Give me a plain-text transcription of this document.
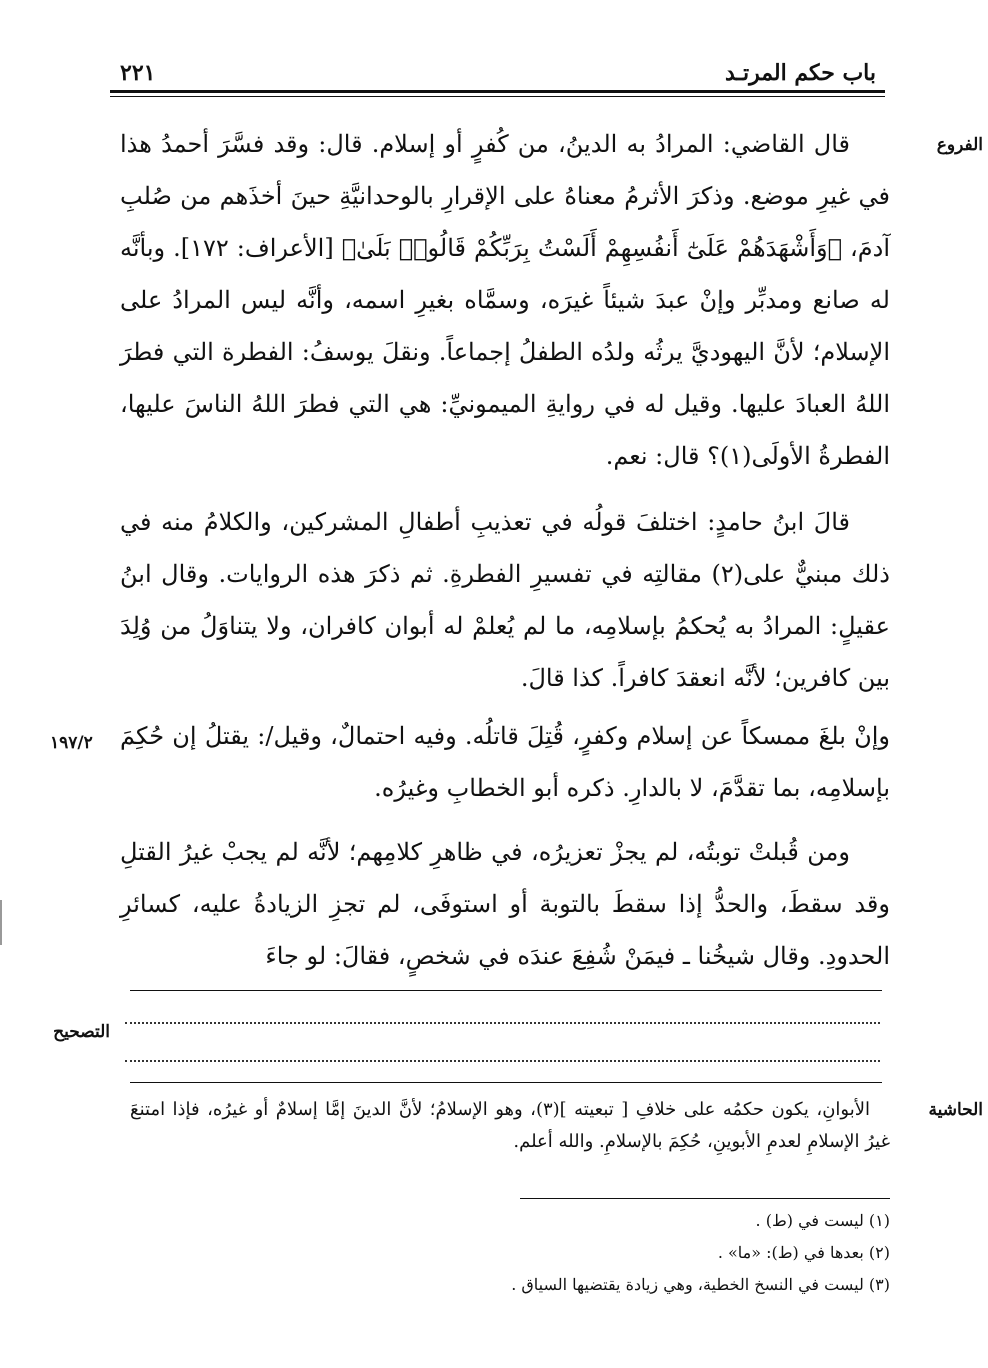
باب حكم المرتـد
٢٢١
الفروع
١٩٧/٢

قال القاضي: المرادُ به الدينُ، من كُفرٍ أو إسلام. قال: وقد فسَّرَ أحمدُ هذا في غيرِ موضع. وذكرَ الأثرمُ معناهُ على الإقرارِ بالوحدانيَّةِ حينَ أخذَهم من صُلبِ آدمَ، ﴿وَأَشْهَدَهُمْ عَلَىٰٓ أَنفُسِهِمْ أَلَسْتُ بِرَبِّكُمْ قَالُوا۟ بَلَىٰ﴾ [الأعراف: ١٧٢]. وبأنَّه له صانع ومدبِّر وإنْ عبدَ شيئاً غيرَه، وسمَّاه بغيرِ اسمه، وأنَّه ليس المرادُ على الإسلام؛ لأنَّ اليهوديَّ يرثُه ولدُه الطفلُ إجماعاً. ونقلَ يوسفُ: الفطرة التي فطرَ اللهُ العبادَ عليها. وقيل له في روايةِ الميمونيِّ: هي التي فطرَ اللهُ الناسَ عليها، الفطرةُ الأولَى(١)؟ قال: نعم.

قالَ ابنُ حامدٍ: اختلفَ قولُه في تعذيبِ أطفالِ المشركين، والكلامُ منه في ذلك مبنيٌّ على(٢) مقالتِه في تفسيرِ الفطرةِ. ثم ذكرَ هذه الروايات. وقال ابنُ عقيلٍ: المرادُ به يُحكمُ بإسلامِه، ما لم يُعلمْ له أبوان كافران، ولا يتناوَلُ من وُلِدَ بين كافرين؛ لأنَّه انعقدَ كافراً. كذا قالَ.

وإنْ بلغَ ممسكاً عن إسلام وكفرٍ، قُتِلَ قاتلُه. وفيه احتمالٌ، وقيل/: يقتلُ إن حُكِمَ بإسلامِه، بما تقدَّمَ، لا بالدارِ. ذكره أبو الخطابِ وغيرُه.

ومن قُبلتْ توبتُه، لم يجزْ تعزيرُه، في ظاهرِ كلامِهم؛ لأنَّه لم يجبْ غيرُ القتلِ وقد سقطَ، والحدُّ إذا سقطَ بالتوبة أو استوفَى، لم تجزِ الزيادةُ عليه، كسائرِ الحدودِ. وقال شيخُنا ـ فيمَنْ شُفِعَ عندَه في شخصٍ، فقالَ: لو جاءَ

التصحيح
الحاشية
الأبوانِ، يكون حكمُه على خلافِ [ تبعيته ](٣)، وهو الإسلامُ؛ لأنَّ الدينَ إمَّا إسلامٌ أو غيرُه، فإذا امتنعَ غيرُ الإسلامِ لعدمِ الأبوينِ، حُكِمَ بالإسلامِ. والله أعلم.

(١) ليست في (ط) .

(٢) بعدها في (ط): «ما» .

(٣) ليست في النسخ الخطية، وهي زيادة يقتضيها السياق .
